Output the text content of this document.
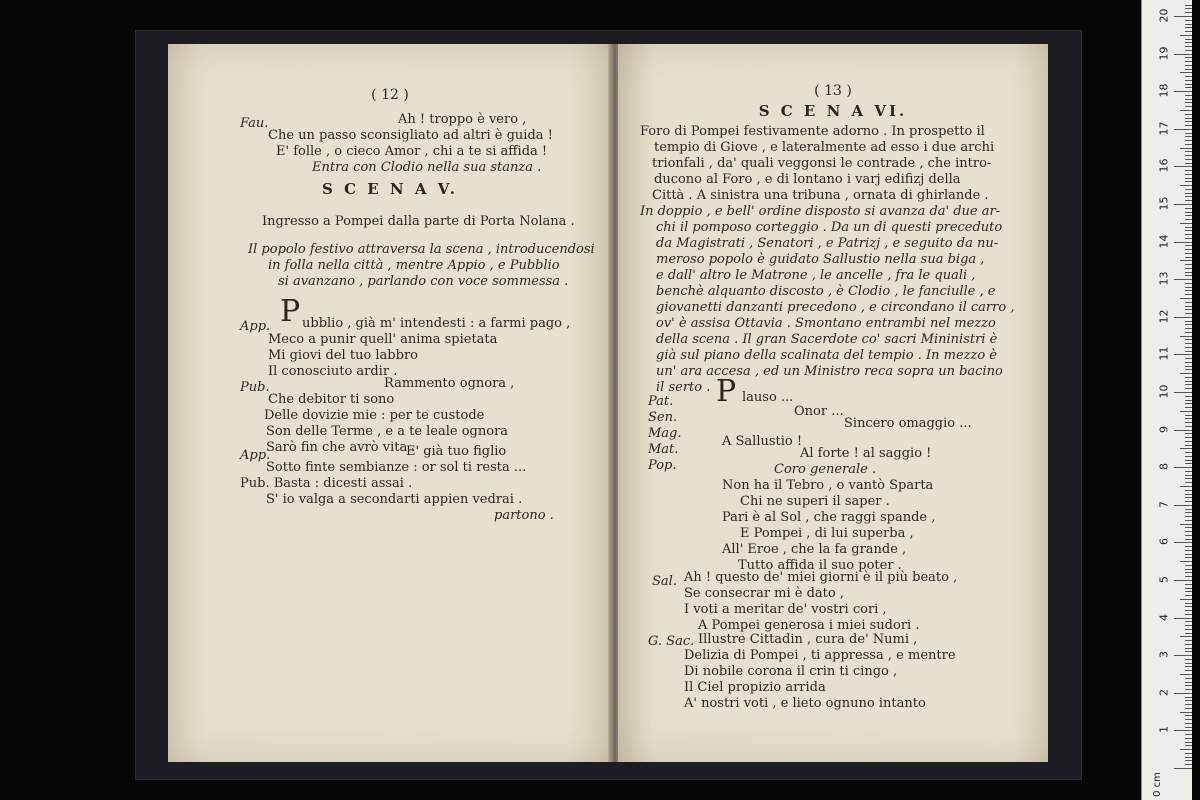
( 12 )
S C E N A V.
P
Fau.	Ah ! troppo è vero ,
Che un passo sconsigliato ad altri è guida !
E' folle , o cieco Amor , chi a te si affida !
Entra con Clodio nella sua stanza .
Ingresso a Pompei dalla parte di Porta Nolana .
Il popolo festivo attraversa la scena , introducendosi
in folla nella città , mentre Appio , e Pubblio
si avanzano , parlando con voce sommessa .
App. ubblio , già m' intendesti : a farmi pago ,
Meco a punir quell' anima spietata
Mi giovi del tuo labbro
Il conosciuto ardir .
Pub.	Rammento ognora ,
Che debitor ti sono
Delle dovizie mie : per te custode
Son delle Terme , e a te leale ognora
Sarò fin che avrò vita .
App.	E' già tuo figlio
Sotto finte sembianze : or sol ti resta ...
Pub. Basta : dicesti assai .
S' io valga a secondarti appien vedrai .
partono .
( 13 )
S C E N A VI.
P
Foro di Pompei festivamente adorno . In prospetto il
tempio di Giove , e lateralmente ad esso i due archi
trionfali , da' quali veggonsi le contrade , che intro-
ducono al Foro , e di lontano i varj edifizj della
Città . A sinistra una tribuna , ornata di ghirlande .
In doppio , e bell' ordine disposto si avanza da' due ar-
chi il pomposo corteggio . Da un di questi preceduto
da Magistrati , Senatori , e Patrizj , e seguito da nu-
meroso popolo è guidato Sallustio nella sua biga ,
e dall' altro le Matrone , le ancelle , fra le quali ,
benchè alquanto discosto , è Clodio , le fanciulle , e
giovanetti danzanti precedono , e circondano il carro ,
ov' è assisa Ottavia . Smontano entrambi nel mezzo
della scena . Il gran Sacerdote co' sacri Mininistri è
già sul piano della scalinata del tempio . In mezzo è
un' ara accesa , ed un Ministro reca sopra un bacino
il serto .
Pat.	lauso ...
Sen.	Onor ...
Mag.
Sincero omaggio ...
Mat.
A Sallustio !
Pop.
Al forte ! al saggio !
Coro generale .
Non ha il Tebro , o vantò Sparta
Chi ne superi il saper .
Pari è al Sol , che raggi spande ,
E Pompei , di lui superba ,
All' Eroe , che la fa grande ,
Tutto affida il suo poter .
Sal. Ah ! questo de' miei giorni è il più beato ,
Se consecrar mi è dato ,
I voti a meritar de' vostri cori ,
A Pompei generosa i miei sudori .
G. Sac. Illustre Cittadin , cura de' Numi ,
Delizia di Pompei , ti appressa , e mentre
Di nobile corona il crin ti cingo ,
Il Ciel propizio arrida
A' nostri voti , e lieto ognuno intanto
0 cm
1
2
3
4
5
6
7
8
9
10
11
12
13
14
15
16
17
18
19
20
